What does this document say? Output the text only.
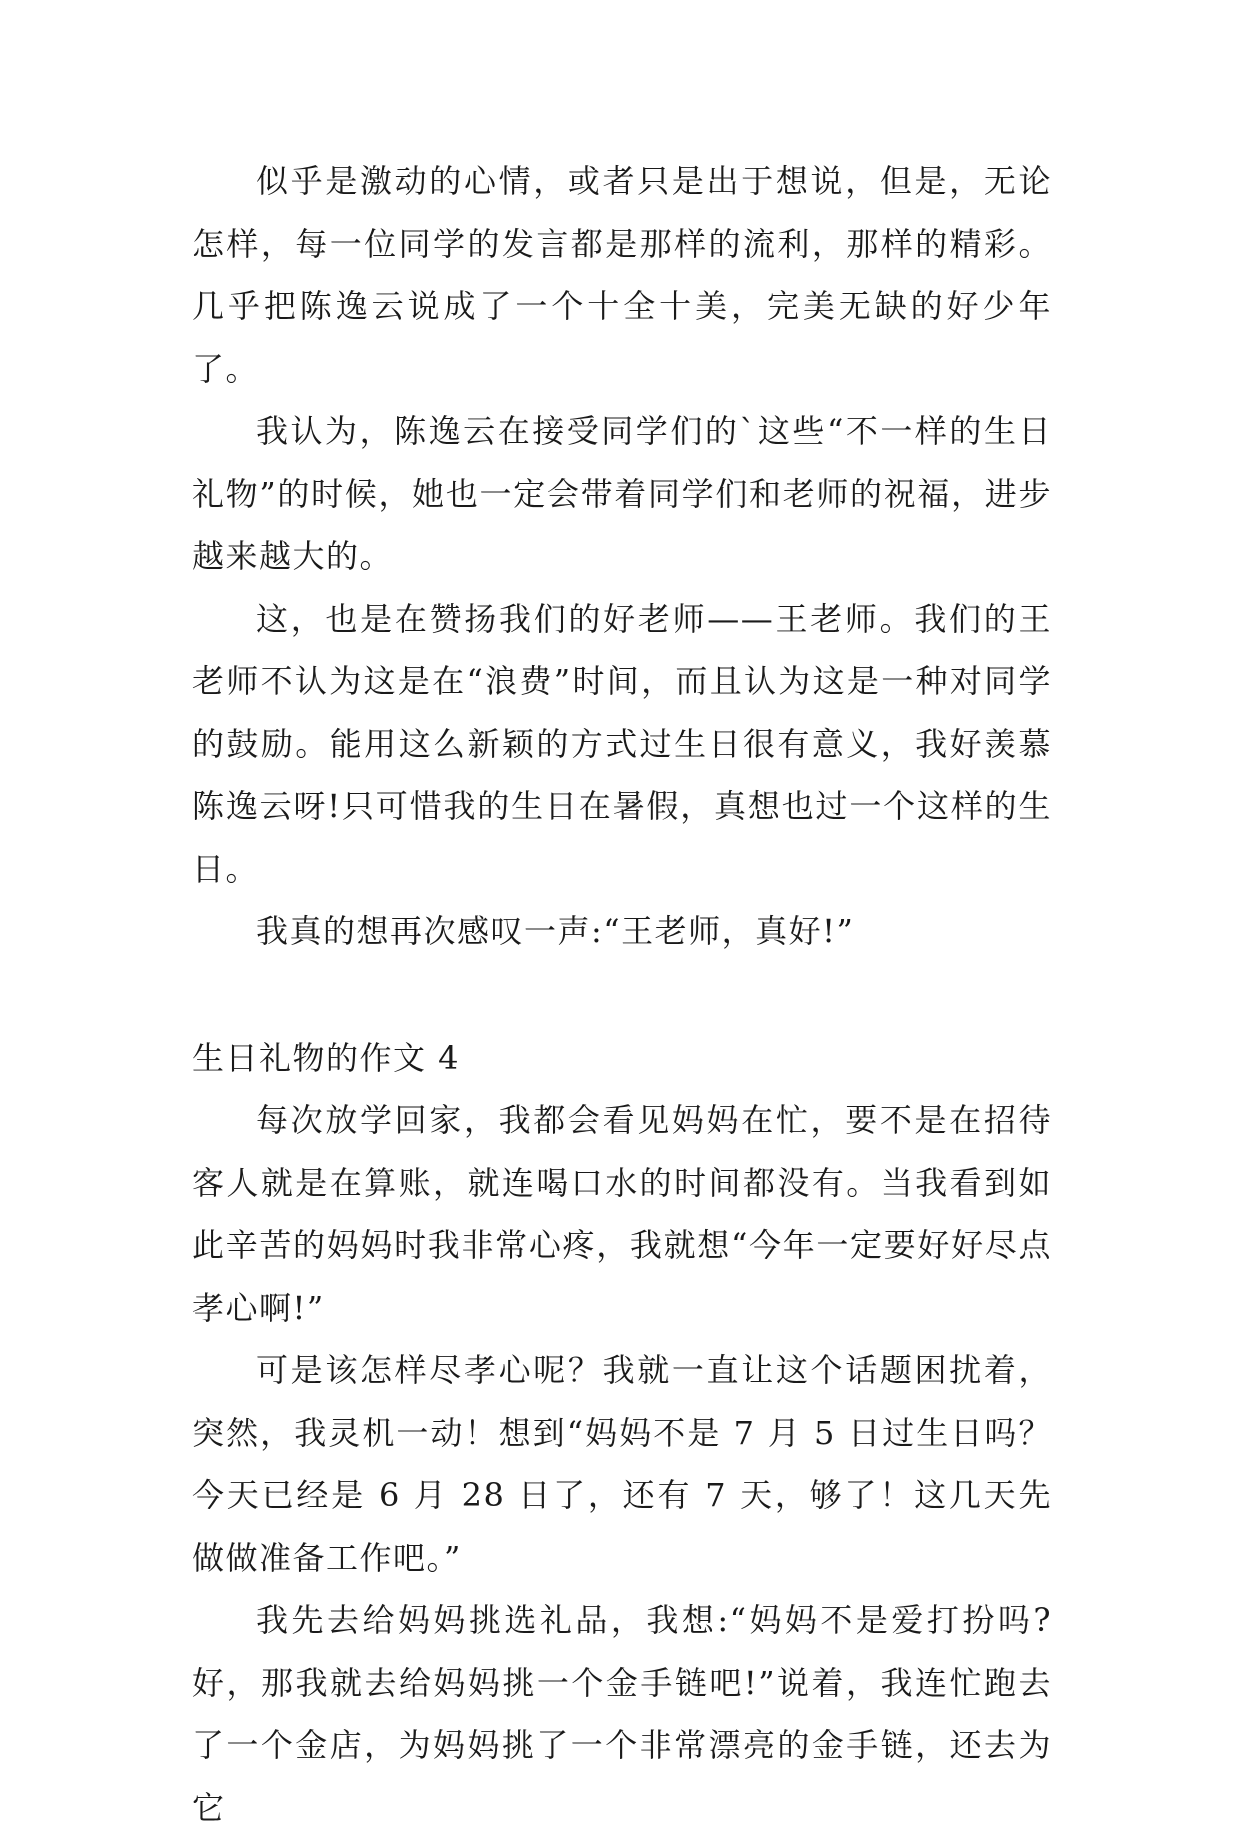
似乎是激动的心情，或者只是出于想说，但是，无论怎样，每一位同学的发言都是那样的流利，那样的精彩。几乎把陈逸云说成了一个十全十美，完美无缺的好少年了。

我认为，陈逸云在接受同学们的`这些“不一样的生日礼物”的时候，她也一定会带着同学们和老师的祝福，进步越来越大的。

这，也是在赞扬我们的好老师——王老师。我们的王老师不认为这是在“浪费”时间，而且认为这是一种对同学的鼓励。能用这么新颖的方式过生日很有意义，我好羡慕陈逸云呀!只可惜我的生日在暑假，真想也过一个这样的生日。

我真的想再次感叹一声:“王老师，真好!”

生日礼物的作文 4

每次放学回家，我都会看见妈妈在忙，要不是在招待客人就是在算账，就连喝口水的时间都没有。当我看到如此辛苦的妈妈时我非常心疼，我就想“今年一定要好好尽点孝心啊!”

可是该怎样尽孝心呢？我就一直让这个话题困扰着，突然，我灵机一动！想到“妈妈不是 7 月 5 日过生日吗？今天已经是 6 月 28 日了，还有 7 天，够了！这几天先做做准备工作吧。”

我先去给妈妈挑选礼品，我想:“妈妈不是爱打扮吗?好，那我就去给妈妈挑一个金手链吧!”说着，我连忙跑去了一个金店，为妈妈挑了一个非常漂亮的金手链，还去为它
